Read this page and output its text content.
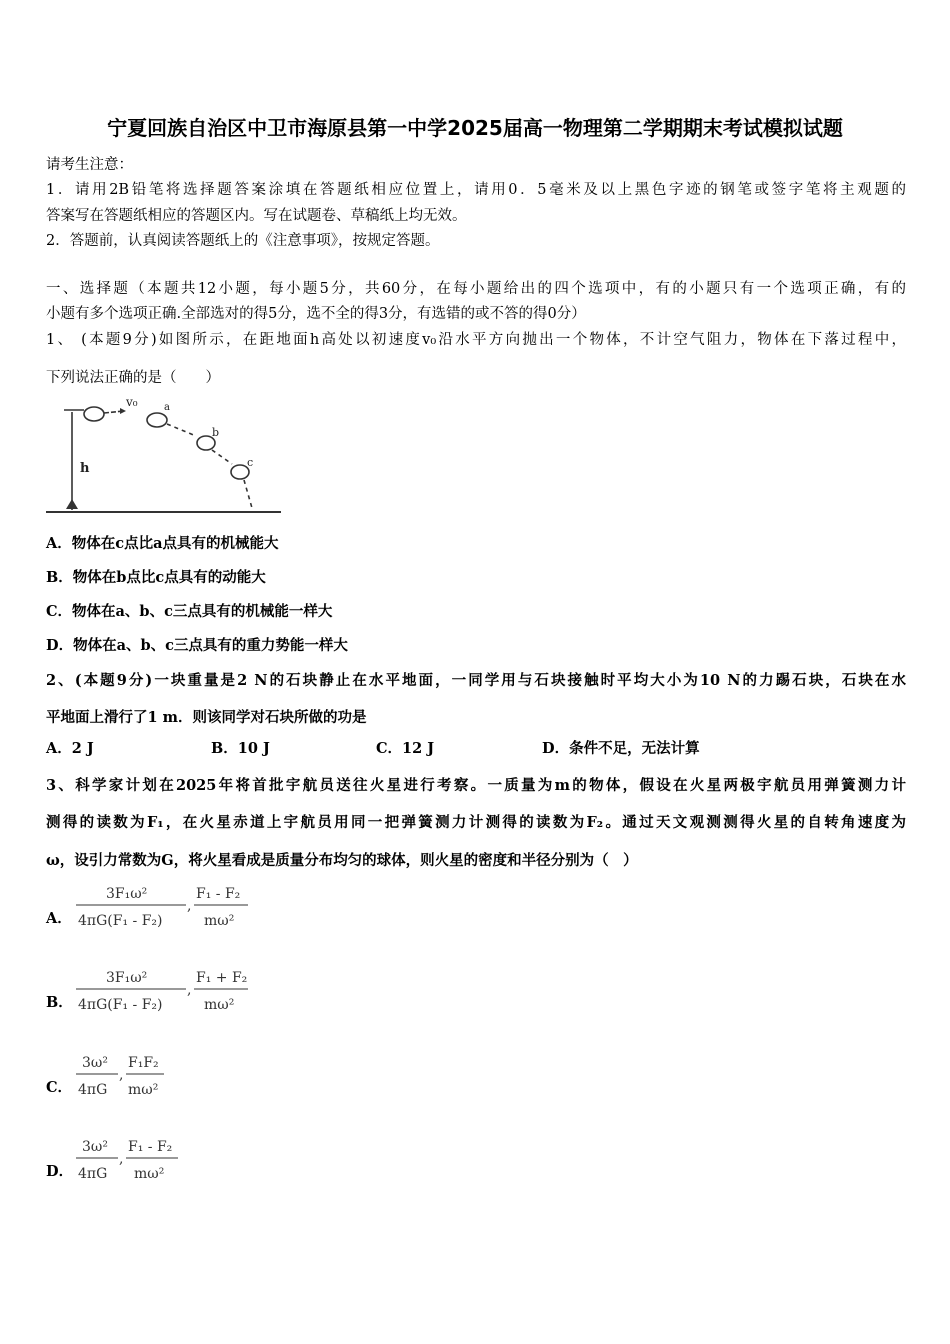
宁夏回族自治区中卫市海原县第一中学2025届高一物理第二学期期末考试模拟试题
请考生注意：
1．请用2B铅笔将选择题答案涂填在答题纸相应位置上，请用0．5毫米及以上黑色字迹的钢笔或签字笔将主观题的
答案写在答题纸相应的答题区内。写在试题卷、草稿纸上均无效。
2．答题前，认真阅读答题纸上的《注意事项》，按规定答题。
一、选择题（本题共12小题，每小题5分，共60分，在每小题给出的四个选项中，有的小题只有一个选项正确，有的
小题有多个选项正确.全部选对的得5分，选不全的得3分，有选错的或不答的得0分）
1、 (本题9分)如图所示，在距地面h高处以初速度v₀沿水平方向抛出一个物体，不计空气阻力，物体在下落过程中，
下列说法正确的是（　　）
v₀	a
b
c
h
A．物体在c点比a点具有的机械能大
B．物体在b点比c点具有的动能大
C．物体在a、b、c三点具有的机械能一样大
D．物体在a、b、c三点具有的重力势能一样大
2、(本题9分)一块重量是2 N的石块静止在水平地面，一同学用与石块接触时平均大小为10 N的力踢石块，石块在水
平地面上滑行了1 m．则该同学对石块所做的功是
A．2 J	B．10 J	C．12 J	D．条件不足，无法计算
3、科学家计划在2025年将首批宇航员送往火星进行考察。一质量为m的物体，假设在火星两极宇航员用弹簧测力计
测得的读数为F₁，在火星赤道上宇航员用同一把弹簧测力计测得的读数为F₂。通过天文观测测得火星的自转角速度为
ω，设引力常数为G，将火星看成是质量分布均匀的球体，则火星的密度和半径分别为（　）
A．
3F₁ω²
4πG(F₁ - F₂)
,
F₁ - F₂
mω²
B．
3F₁ω²
4πG(F₁ - F₂)
,
F₁ + F₂
mω²
C．
3ω²
4πG
,
F₁F₂
mω²
D．
3ω²
4πG
,
F₁ - F₂
mω²
